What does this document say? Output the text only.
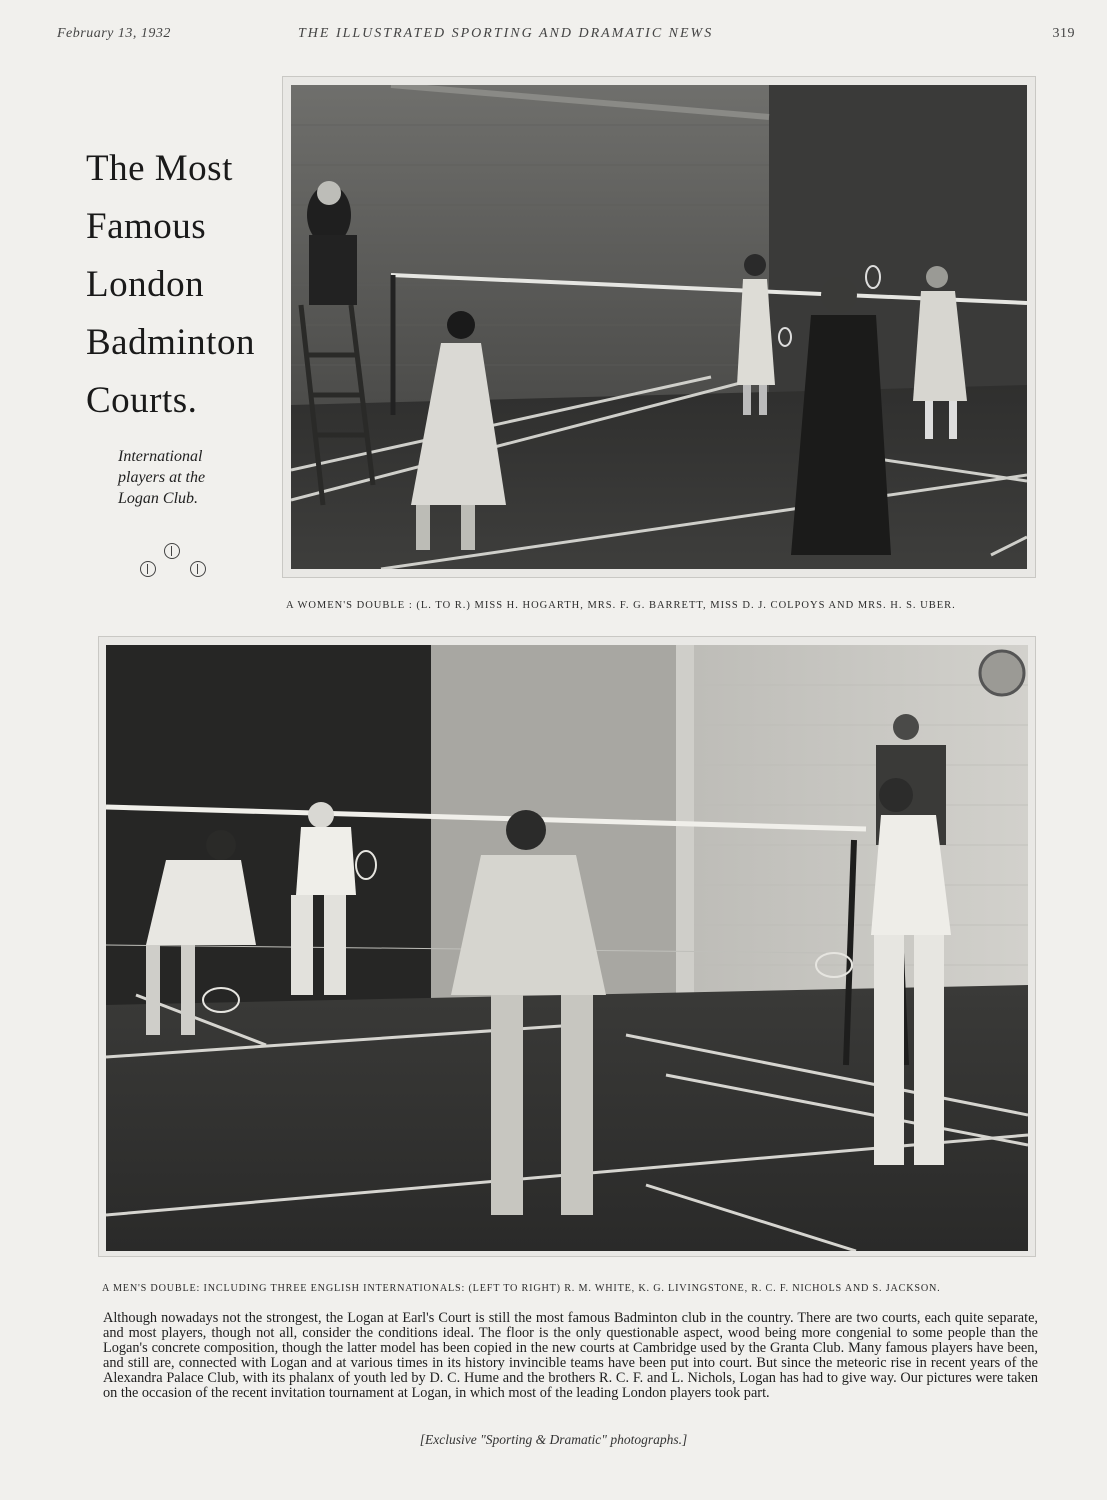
February 13, 1932	THE ILLUSTRATED SPORTING AND DRAMATIC NEWS	319
The Most
Famous
London
Badminton
Courts.
International
players at the
Logan Club.
A WOMEN'S DOUBLE : (L. TO R.) MISS H. HOGARTH, MRS. F. G. BARRETT, MISS D. J. COLPOYS AND MRS. H. S. UBER.
A MEN'S DOUBLE: INCLUDING THREE ENGLISH INTERNATIONALS: (LEFT TO RIGHT) R. M. WHITE, K. G. LIVINGSTONE, R. C. F. NICHOLS AND S. JACKSON.
Although nowadays not the strongest, the Logan at Earl's Court is still the most famous Badminton club in the country. There are two courts, each quite separate, and most players, though not all, consider the conditions ideal. The floor is the only questionable aspect, wood being more congenial to some people than the Logan's concrete composition, though the latter model has been copied in the new courts at Cambridge used by the Granta Club. Many famous players have been, and still are, connected with Logan and at various times in its history invincible teams have been put into court. But since the meteoric rise in recent years of the Alexandra Palace Club, with its phalanx of youth led by D. C. Hume and the brothers R. C. F. and L. Nichols, Logan has had to give way. Our pictures were taken on the occasion of the recent invitation tournament at Logan, in which most of the leading London players took part.
[Exclusive "Sporting & Dramatic" photographs.]
